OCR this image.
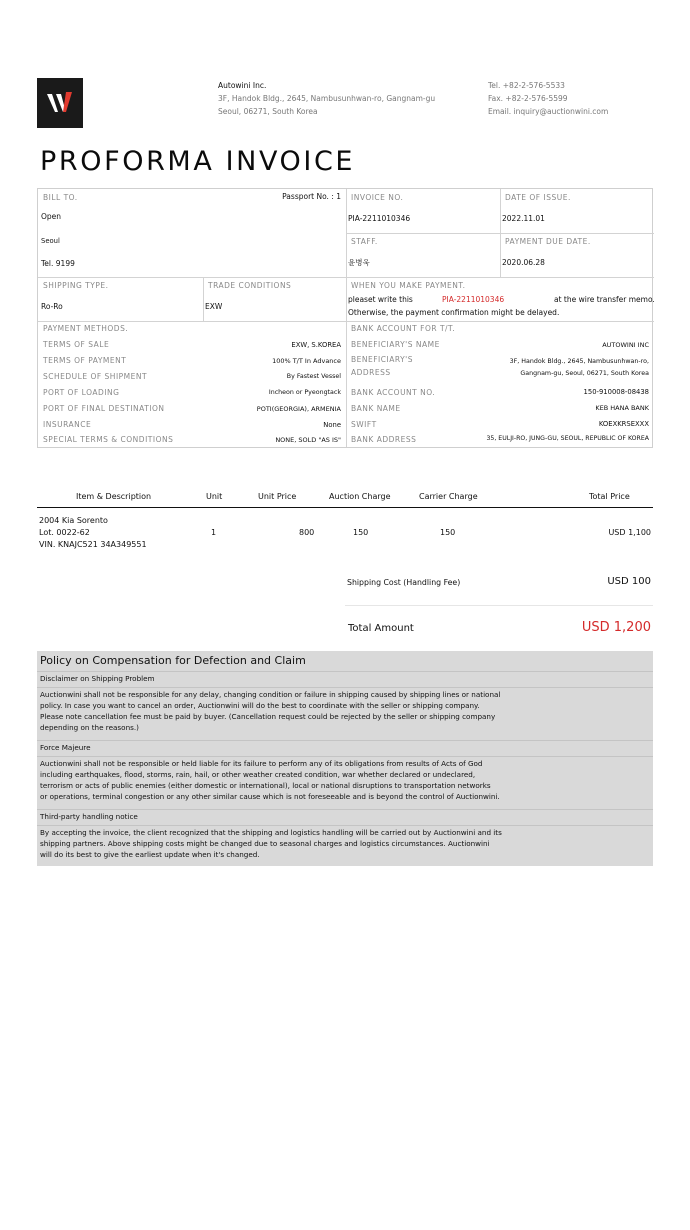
Autowini Inc.
3F, Handok Bldg., 2645, Nambusunhwan-ro, Gangnam-gu
Seoul, 06271, South Korea
Tel. +82-2-576-5533
Fax. +82-2-576-5599
Email. inquiry@auctionwini.com
PROFORMA INVOICE
BILL TO.	Passport No. : 1
Open
Seoul
Tel. 9199
INVOICE NO.
PIA-2211010346
DATE OF ISSUE.
2022.11.01
STAFF.
윤병욱
PAYMENT DUE DATE.
2020.06.28
SHIPPING TYPE.
Ro-Ro
TRADE CONDITIONS
EXW
WHEN YOU MAKE PAYMENT.
pleaset write this	PIA-2211010346	at the wire transfer memo.
Otherwise, the payment confirmation might be delayed.
PAYMENT METHODS.
TERMS OF SALE	EXW, S.KOREA
TERMS OF PAYMENT	100% T/T In Advance
SCHEDULE OF SHIPMENT	By Fastest Vessel
PORT OF LOADING	Incheon or Pyeongtack
PORT OF FINAL DESTINATION	POTI(GEORGIA), ARMENIA
INSURANCE	None
SPECIAL TERMS & CONDITIONS	NONE, SOLD "AS IS"
BANK ACCOUNT FOR T/T.
BENEFICIARY'S NAME	AUTOWINI INC
BENEFICIARY'S
ADDRESS
3F, Handok Bldg., 2645, Nambusunhwan-ro,
Gangnam-gu, Seoul, 06271, South Korea
BANK ACCOUNT NO.	150-910008-08438
BANK NAME	KEB HANA BANK
SWIFT	KOEXKRSEXXX
BANK ADDRESS	35, EULJI-RO, JUNG-GU, SEOUL, REPUBLIC OF KOREA
Item & Description	Unit	Unit Price	Auction Charge	Carrier Charge	Total Price
2004 Kia Sorento
Lot. 0022-62
VIN. KNAJC521 34A349551
1	800	150	150	USD 1,100
Shipping Cost (Handling Fee)	USD 100
Total Amount	USD 1,200
Policy on Compensation for Defection and Claim
Disclaimer on Shipping Problem
Auctionwini shall not be responsible for any delay, changing condition or failure in shipping caused by shipping lines or national
policy. In case you want to cancel an order, Auctionwini will do the best to coordinate with the seller or shipping company.
Please note cancellation fee must be paid by buyer. (Cancellation request could be rejected by the seller or shipping company
depending on the reasons.)
Force Majeure
Auctionwini shall not be responsible or held liable for its failure to perform any of its obligations from results of Acts of God
including earthquakes, flood, storms, rain, hail, or other weather created condition, war whether declared or undeclared,
terrorism or acts of public enemies (either domestic or international), local or national disruptions to transportation networks
or operations, terminal congestion or any other similar cause which is not foreseeable and is beyond the control of Auctionwini.
Third-party handling notice
By accepting the invoice, the client recognized that the shipping and logistics handling will be carried out by Auctionwini and its
shipping partners. Above shipping costs might be changed due to seasonal charges and logistics circumstances. Auctionwini
will do its best to give the earliest update when it's changed.
